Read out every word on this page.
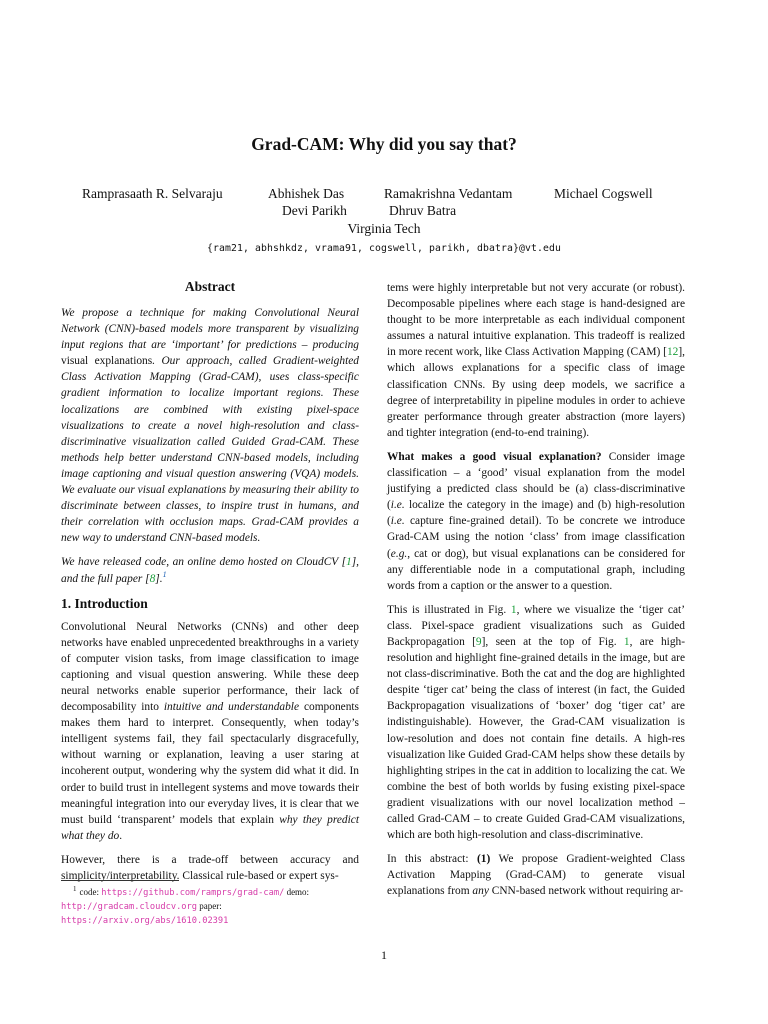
Grad-CAM: Why did you say that?
Ramprasaath R. Selvaraju	Abhishek Das	Ramakrishna Vedantam	Michael Cogswell
Devi Parikh	Dhruv Batra
Virginia Tech
{ram21, abhshkdz, vrama91, cogswell, parikh, dbatra}@vt.edu
Abstract

We propose a technique for making Convolutional Neural Network (CNN)-based models more transparent by visualizing input regions that are ‘important’ for predictions – producing visual explanations. Our approach, called Gradient-weighted Class Activation Mapping (Grad-CAM), uses class-specific gradient information to localize important regions. These localizations are combined with existing pixel-space visualizations to create a novel high-resolution and class-discriminative visualization called Guided Grad-CAM. These methods help better understand CNN-based models, including image captioning and visual question answering (VQA) models. We evaluate our visual explanations by measuring their ability to discriminate between classes, to inspire trust in humans, and their correlation with occlusion maps. Grad-CAM provides a new way to understand CNN-based models.

We have released code, an online demo hosted on CloudCV [1], and the full paper [8].$^1$

1. Introduction

Convolutional Neural Networks (CNNs) and other deep networks have enabled unprecedented breakthroughs in a variety of computer vision tasks, from image classification to image captioning and visual question answering. While these deep neural networks enable superior performance, their lack of decomposability into intuitive and understandable components makes them hard to interpret. Consequently, when today’s intelligent systems fail, they fail spectacularly disgracefully, without warning or explanation, leaving a user staring at incoherent output, wondering why the system did what it did. In order to build trust in intellegent systems and move towards their meaningful integration into our everyday lives, it is clear that we must build ‘transparent’ models that explain why they predict what they do.

However, there is a trade-off between accuracy and simplicity/interpretability. Classical rule-based or expert sys-

tems were highly interpretable but not very accurate (or robust). Decomposable pipelines where each stage is hand-designed are thought to be more interpretable as each individual component assumes a natural intuitive explanation. This tradeoff is realized in more recent work, like Class Activation Mapping (CAM) [12], which allows explanations for a specific class of image classification CNNs. By using deep models, we sacrifice a degree of interpretability in pipeline modules in order to achieve greater performance through greater abstraction (more layers) and tighter integration (end-to-end training).

What makes a good visual explanation? Consider image classification – a ‘good’ visual explanation from the model justifying a predicted class should be (a) class-discriminative (i.e. localize the category in the image) and (b) high-resolution (i.e. capture fine-grained detail). To be concrete we introduce Grad-CAM using the notion ‘class’ from image classification (e.g., cat or dog), but visual explanations can be considered for any differentiable node in a computational graph, including words from a caption or the answer to a question.

This is illustrated in Fig. 1, where we visualize the ‘tiger cat’ class. Pixel-space gradient visualizations such as Guided Backpropagation [9], seen at the top of Fig. 1, are high-resolution and highlight fine-grained details in the image, but are not class-discriminative. Both the cat and the dog are highlighted despite ‘tiger cat’ being the class of interest (in fact, the Guided Backpropagation visualizations of ‘boxer’ dog ‘tiger cat’ are indistinguishable). However, the Grad-CAM visualization is low-resolution and does not contain fine details. A high-res visualization like Guided Grad-CAM helps show these details by highlighting stripes in the cat in addition to localizing the cat. We combine the best of both worlds by fusing existing pixel-space gradient visualizations with our novel localization method – called Grad-CAM – to create Guided Grad-CAM visualizations, which are both high-resolution and class-discriminative.

In this abstract: (1) We propose Gradient-weighted Class Activation Mapping (Grad-CAM) to generate visual explanations from any CNN-based network without requiring ar-

$^1$ code: https://github.com/ramprs/grad-cam/ demo: http://gradcam.cloudcv.org paper: https://arxiv.org/abs/1610.02391
1
